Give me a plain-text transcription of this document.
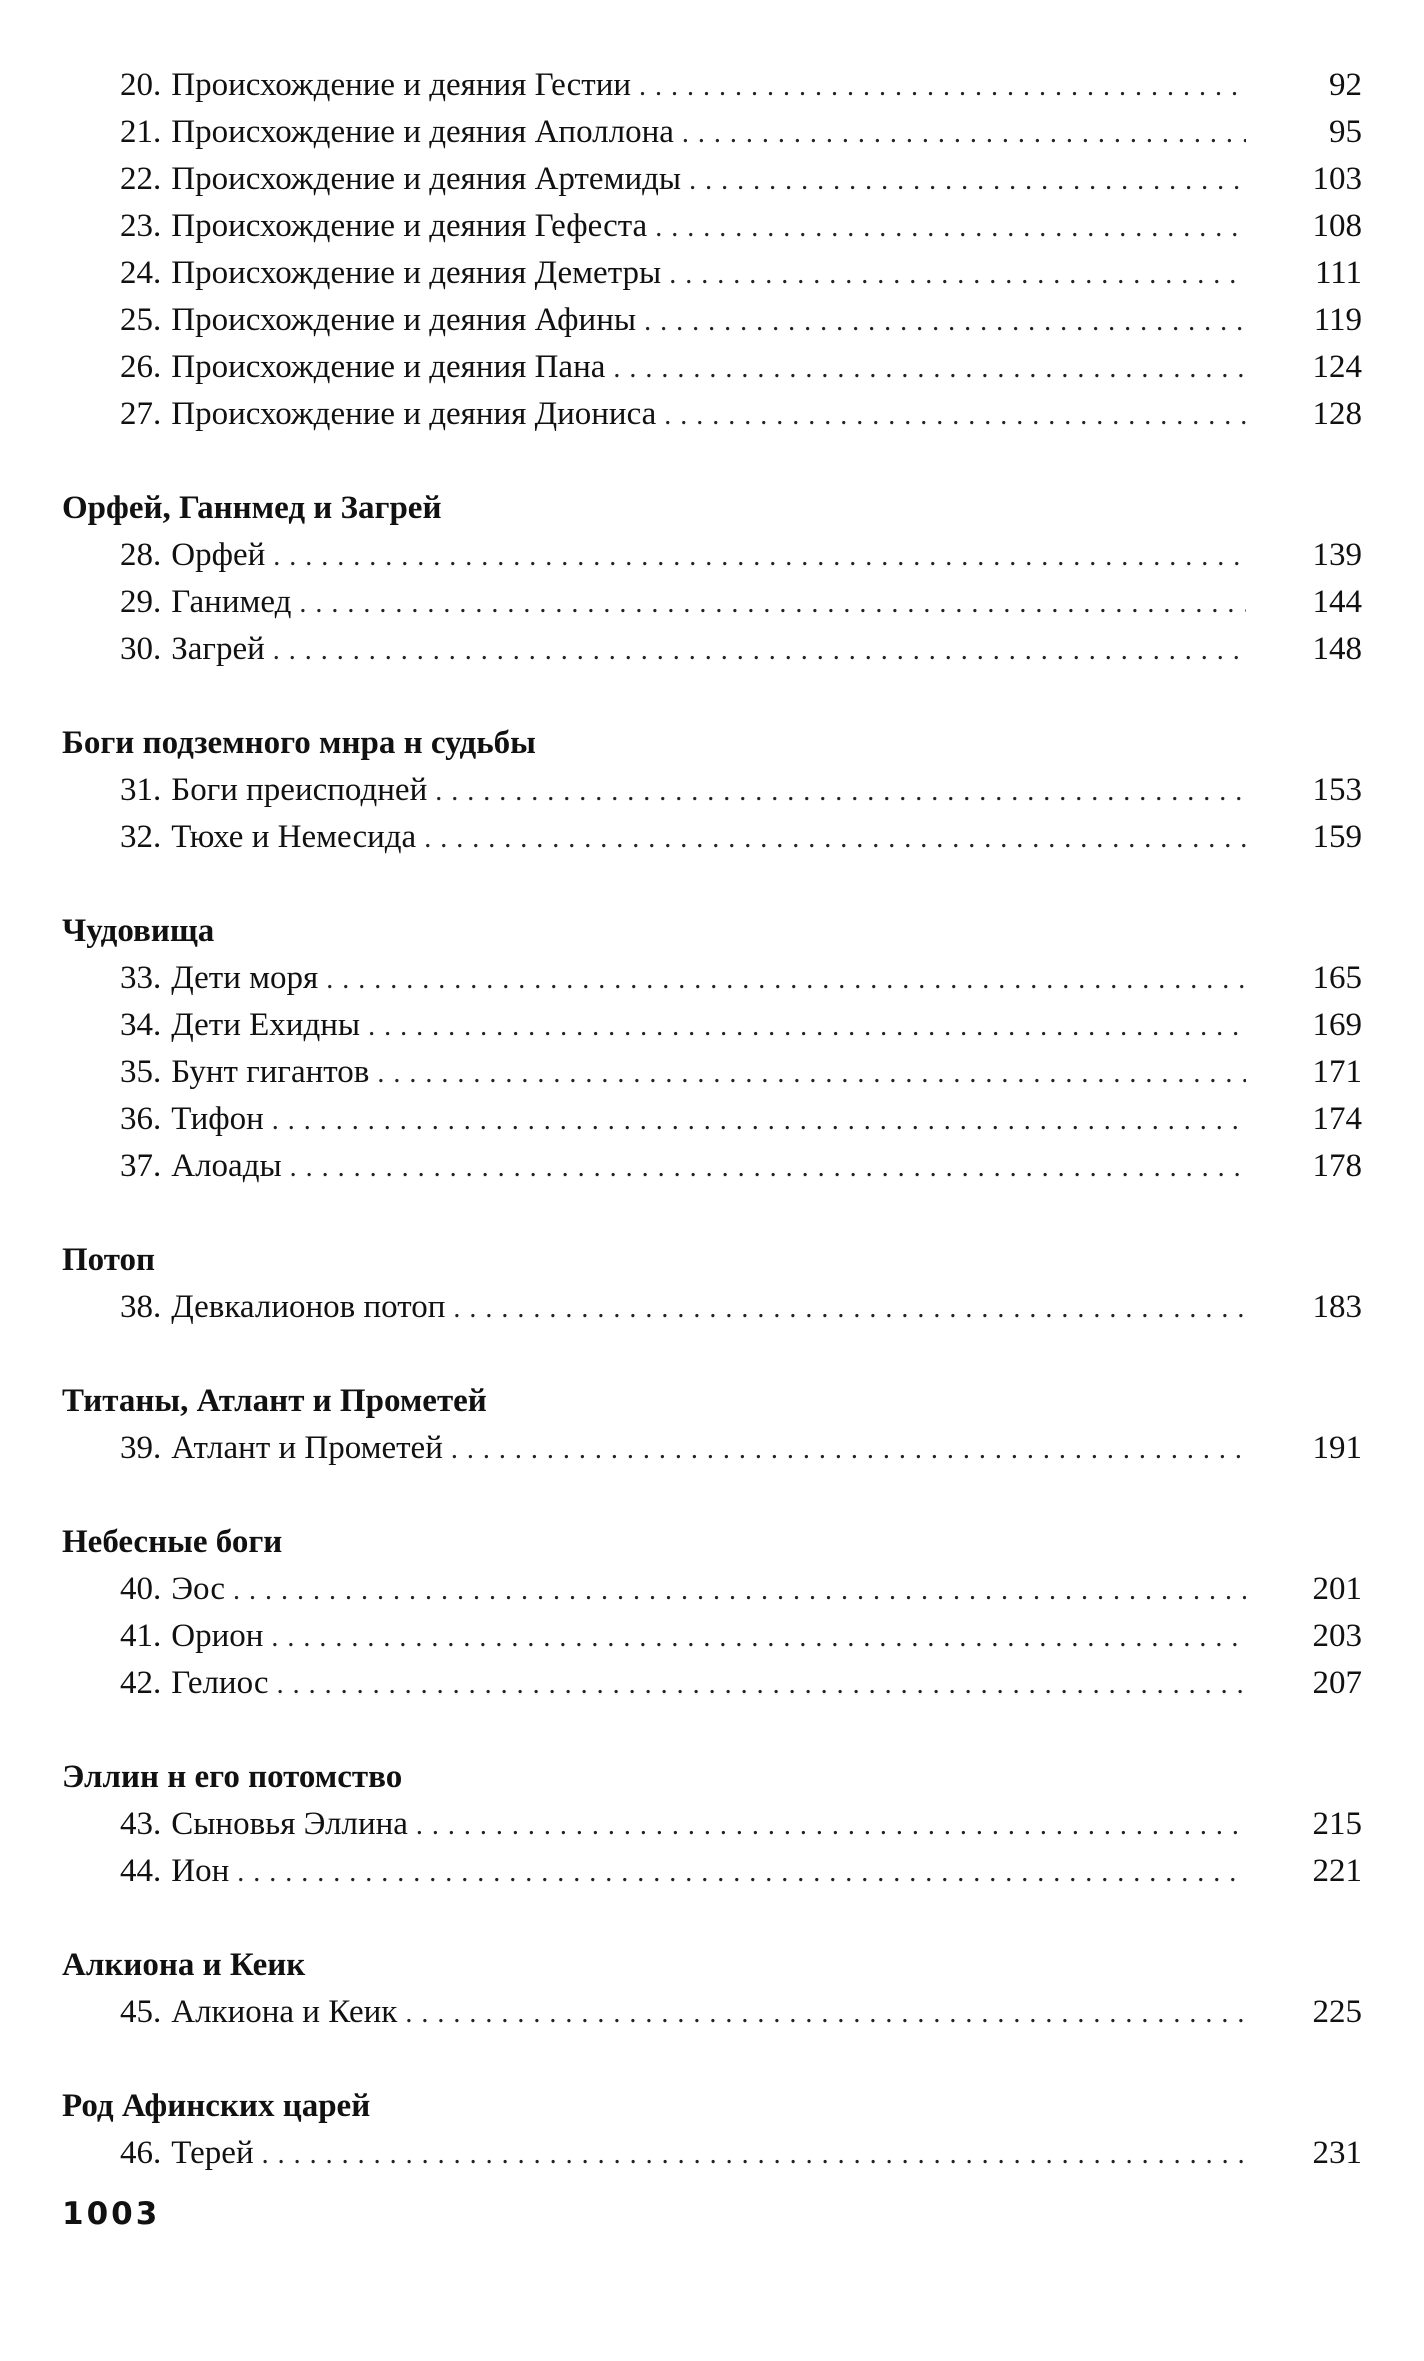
20. Происхождение и деяния Гестии . . .	92
21. Происхождение и деяния Аполлона . . .	95
22. Происхождение и деяния Артемиды . . .	103
23. Происхождение и деяния Гефеста . . .	108
24. Происхождение и деяния Деметры . . .	111
25. Происхождение и деяния Афины . . .	119
26. Происхождение и деяния Пана . . .	124
27. Происхождение и деяния Диониса . . .	128
Орфей, Ганнмед и Загрей
28. Орфей . . .	139
29. Ганимед . . .	144
30. Загрей . . .	148
Боги подземного мнра н судьбы
31. Боги преисподней . . .	153
32. Тюхе и Немесида . . .	159
Чудовища
33. Дети моря . . .	165
34. Дети Ехидны . . .	169
35. Бунт гигантов . . .	171
36. Тифон . . .	174
37. Алоады . . .	178
Потоп
38. Девкалионов потоп . . .	183
Титаны, Атлант и Прометей
39. Атлант и Прометей . . .	191
Небесные боги
40. Эос . . .	201
41. Орион . . .	203
42. Гелиос . . .	207
Эллин н его потомство
43. Сыновья Эллина . . .	215
44. Ион . . .	221
Алкиона и Кеик
45. Алкиона и Кеик . . .	225
Род Афинских царей
46. Терей . . .	231
1003
